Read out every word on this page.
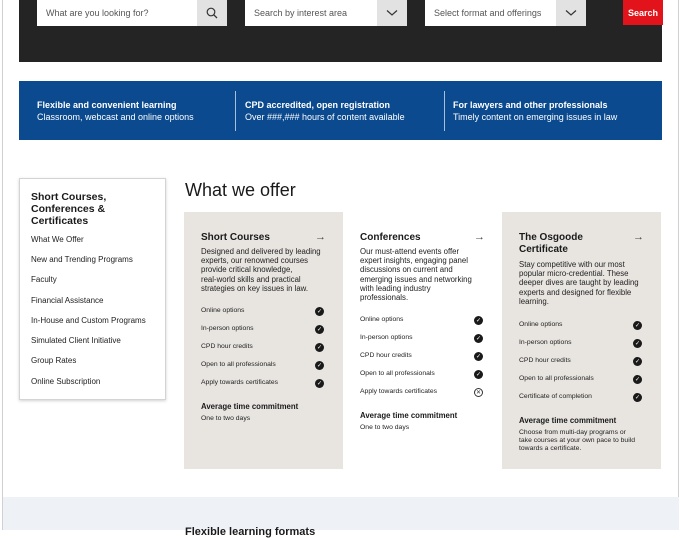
What are you looking for?	Search by interest area	Select format and offerings	Search
Flexible and convenient learning
Classroom, webcast and online options
CPD accredited, open registration
Over ###,### hours of content available
For lawyers and other professionals
Timely content on emerging issues in law
Short Courses,
Conferences &
Certificates
What We Offer
New and Trending Programs
Faculty
Financial Assistance
In-House and Custom Programs
Simulated Client Initiative
Group Rates
Online Subscription
What we offer
Short Courses	→
Designed and delivered by leading
experts, our renowned courses
provide critical knowledge,
real-world skills and practical
strategies on key issues in law.
Online options	✓
In-person options	✓
CPD hour credits	✓
Open to all professionals	✓
Apply towards certificates	✓
Average time commitment
One to two days
Conferences	→
Our must-attend events offer
expert insights, engaging panel
discussions on current and
emerging issues and networking
with leading industry
professionals.
Online options	✓
In-person options	✓
CPD hour credits	✓
Open to all professionals	✓
Apply towards certificates	✕
Average time commitment
One to two days
The Osgoode
Certificate
→
Stay competitive with our most
popular micro-credential. These
deeper dives are taught by leading
experts and designed for flexible
learning.
Online options	✓
In-person options	✓
CPD hour credits	✓
Open to all professionals	✓
Certificate of completion	✓
Average time commitment
Choose from multi-day programs or
take courses at your own pace to build
towards a certificate.
Flexible learning formats
